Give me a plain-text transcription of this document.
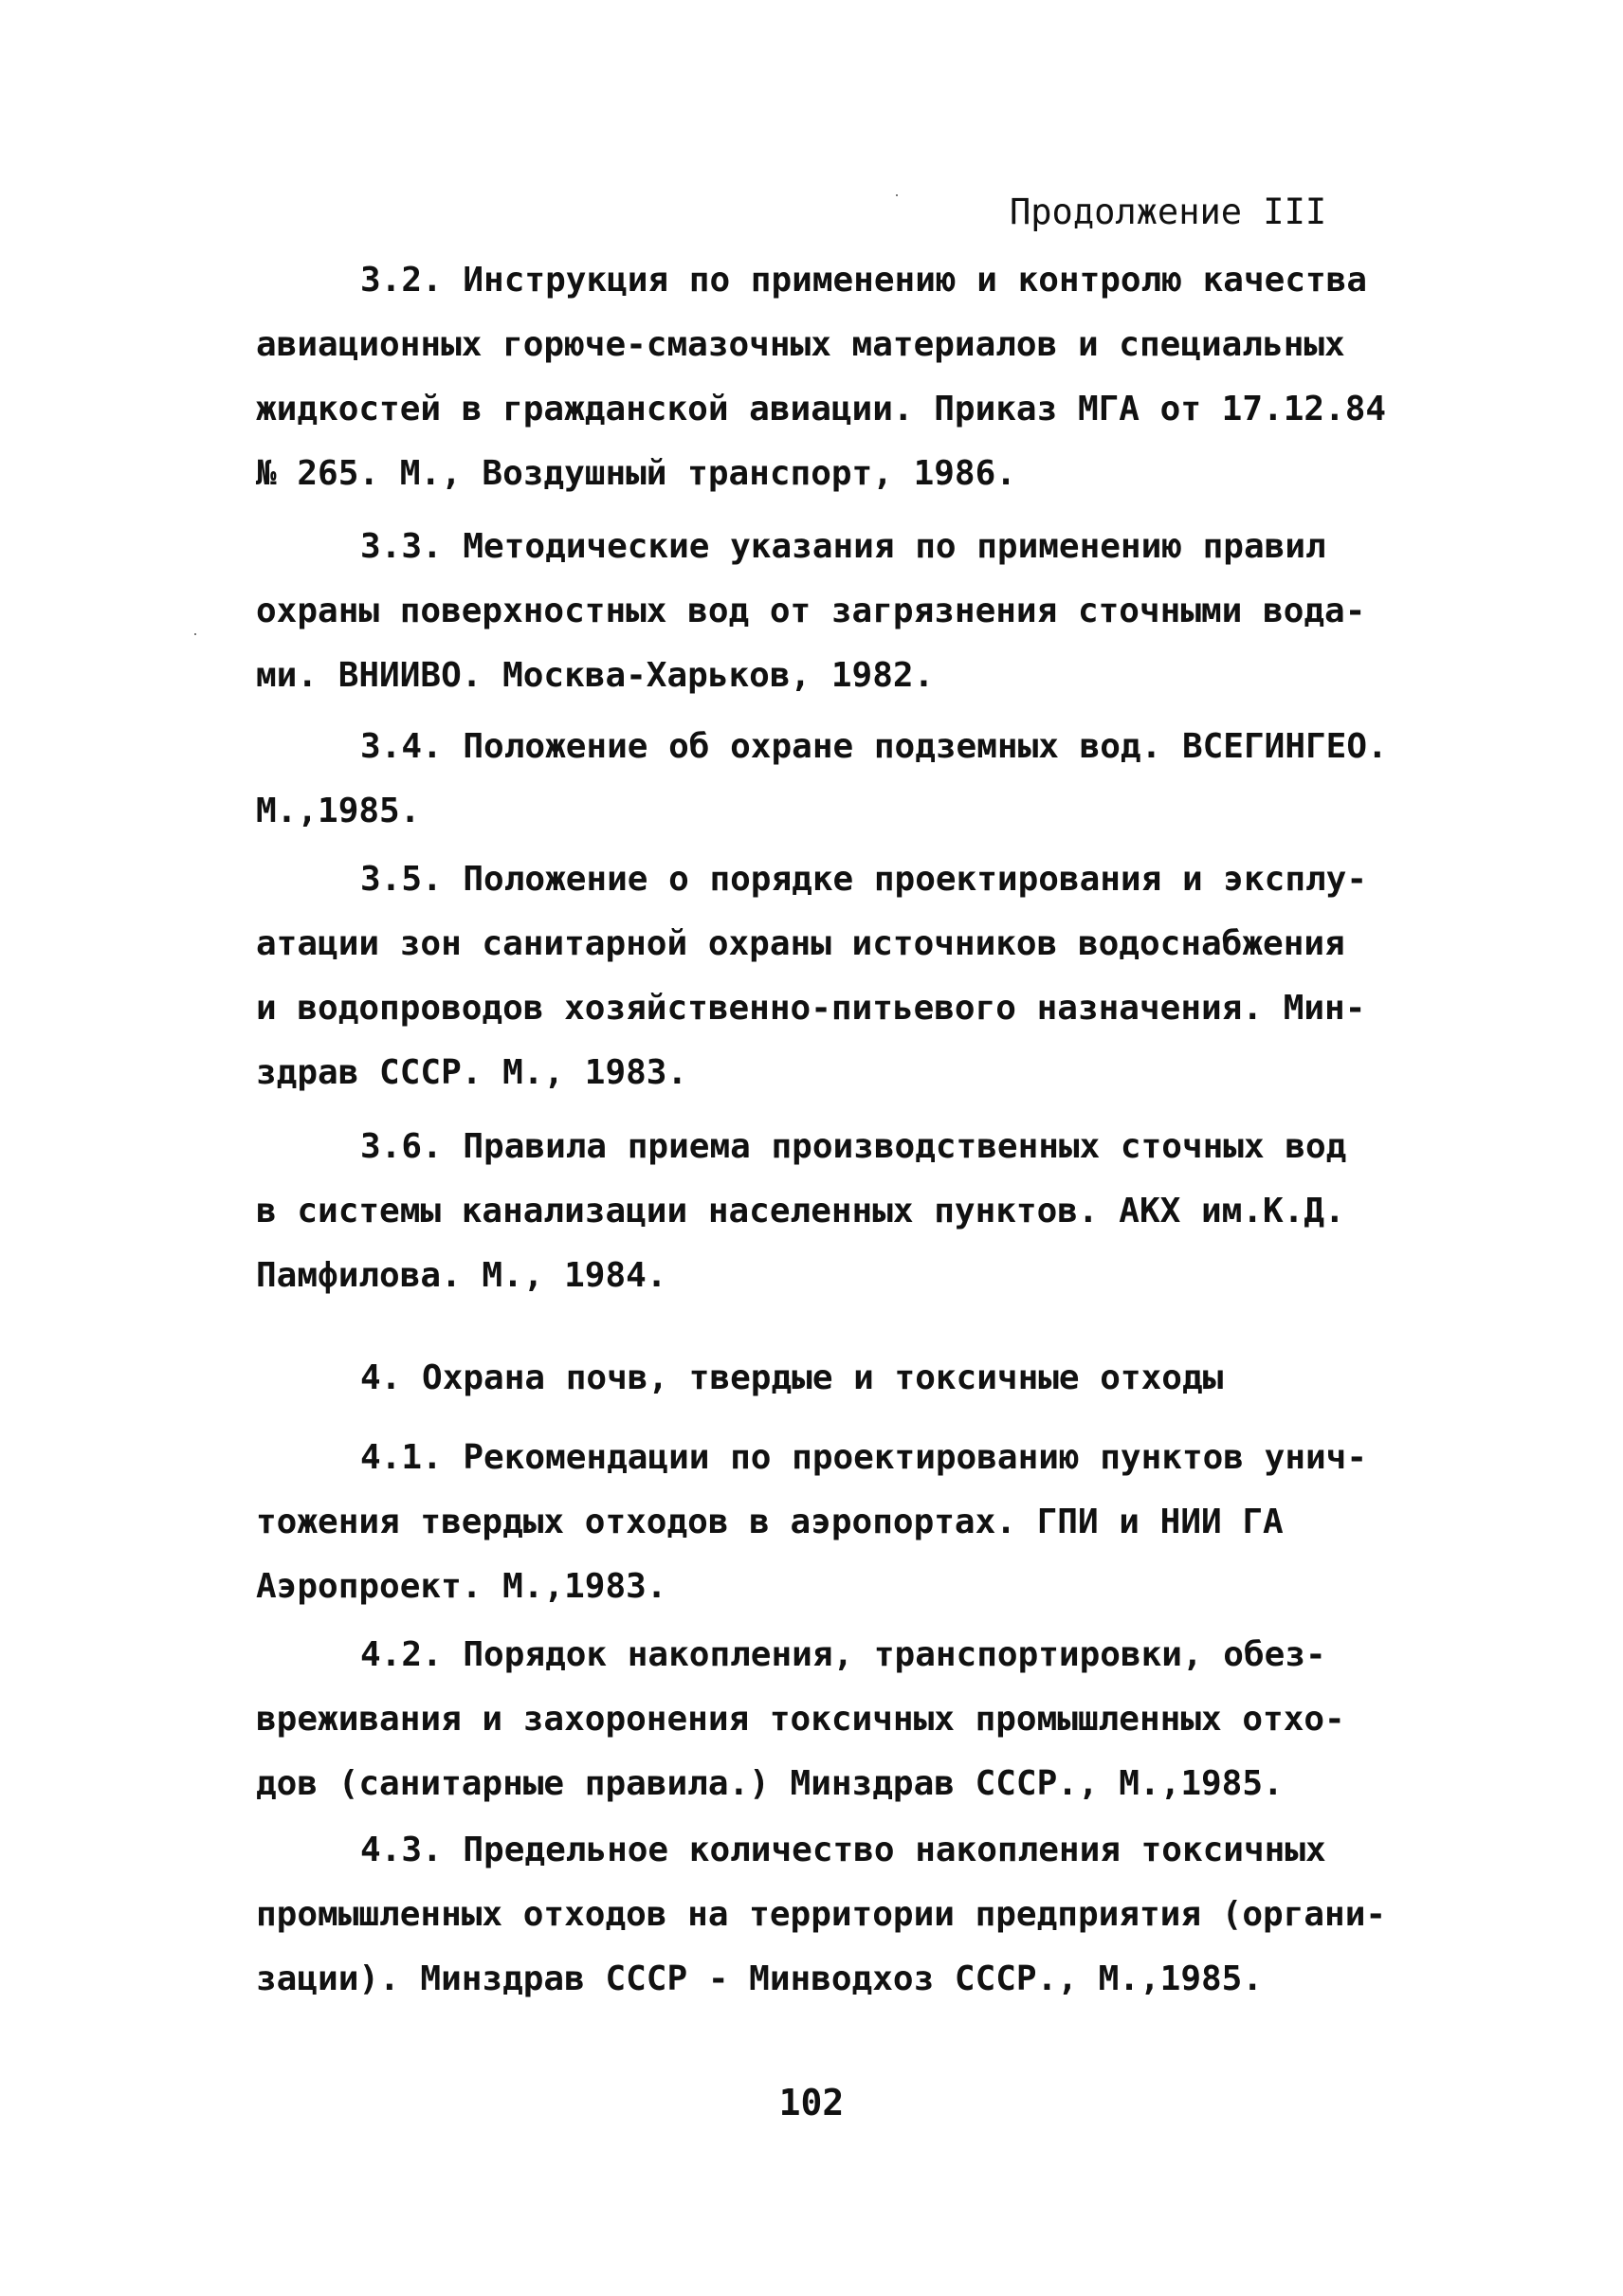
Продолжение III
3.2. Инструкция по применению и контролю качества
авиационных горюче-смазочных материалов и специальных
жидкостей в гражданской авиации. Приказ МГА от 17.12.84
№ 265. М., Воздушный транспорт, 1986.
3.3. Методические указания по применению правил
охраны поверхностных вод от загрязнения сточными вода-
ми. ВНИИВО. Москва-Харьков, 1982.
3.4. Положение об охране подземных вод. ВСЕГИНГЕО.
М.,1985.
3.5. Положение о порядке проектирования и эксплу-
атации зон санитарной охраны источников водоснабжения
и водопроводов хозяйственно-питьевого назначения. Мин-
здрав СССР. М., 1983.
3.6. Правила приема производственных сточных вод
в системы канализации населенных пунктов. АКХ им.К.Д.
Памфилова. М., 1984.
4. Охрана почв, твердые и токсичные отходы
4.1. Рекомендации по проектированию пунктов унич-
тожения твердых отходов в аэропортах. ГПИ и НИИ ГА
Аэропроект. М.,1983.
4.2. Порядок накопления, транспортировки, обез-
вреживания и захоронения токсичных промышленных отхо-
дов (санитарные правила.) Минздрав СССР., М.,1985.
4.3. Предельное количество накопления токсичных
промышленных отходов на территории предприятия (органи-
зации). Минздрав СССР - Минводхоз СССР., М.,1985.
102
